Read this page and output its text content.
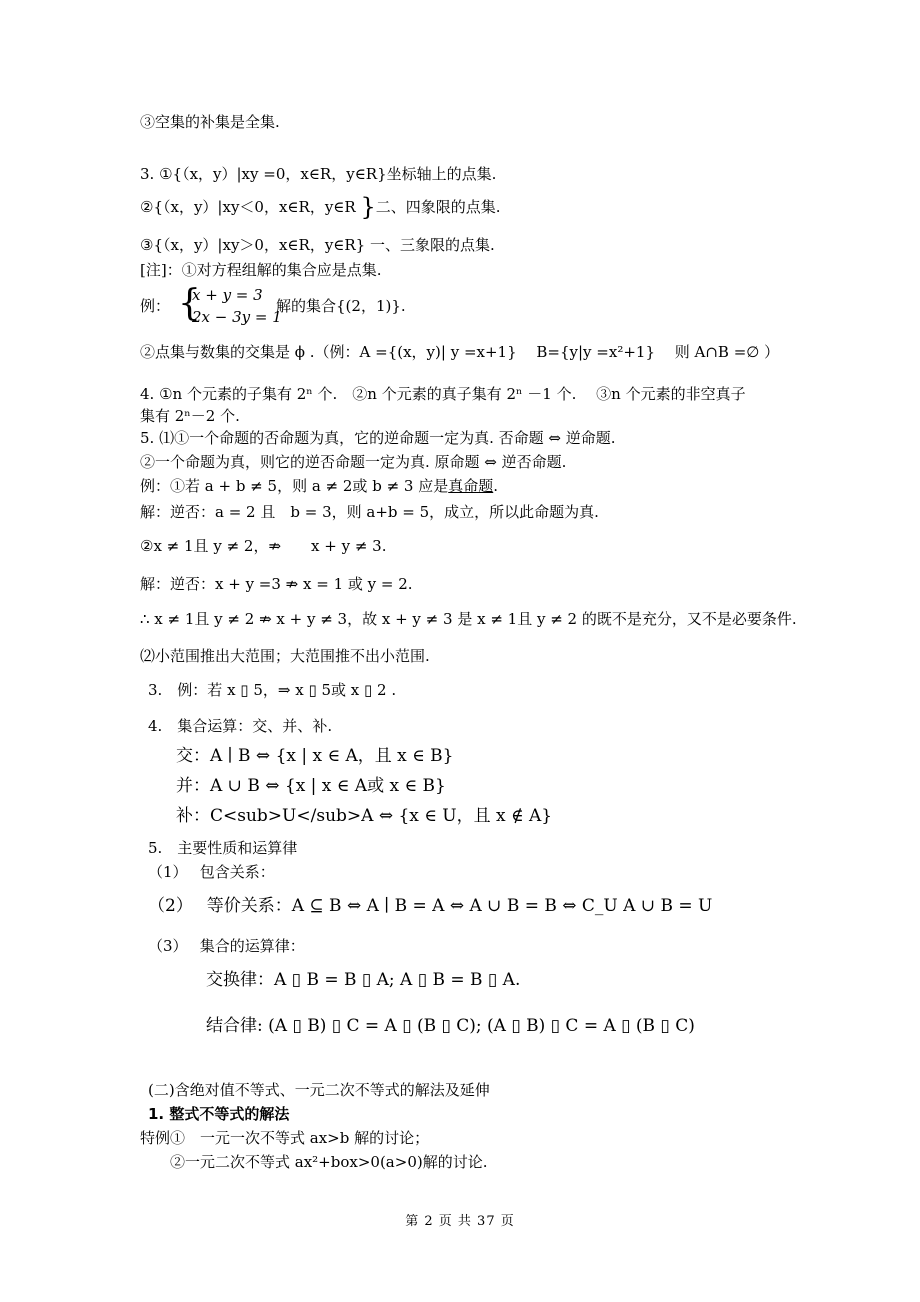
③空集的补集是全集.
3. ①{（x，y）|xy =0，x∈R，y∈R}坐标轴上的点集.
②{（x，y）|xy＜0，x∈R，y∈R }二、四象限的点集.
③{（x，y）|xy＞0，x∈R，y∈R} 一、三象限的点集.
[注]：①对方程组解的集合应是点集.
例： {
x + y = 3
2x − 3y = 1
解的集合{(2，1)}.
②点集与数集的交集是 ϕ .（例：A ={(x，y)| y =x+1}　 B={y|y =x²+1}　 则 A∩B =∅ ）
4. ①n 个元素的子集有 2ⁿ 个.　②n 个元素的真子集有 2ⁿ －1 个.　 ③n 个元素的非空真子
集有 2ⁿ－2 个.
5. ⑴①一个命题的否命题为真，它的逆命题一定为真. 否命题 ⇔ 逆命题.
②一个命题为真，则它的逆否命题一定为真. 原命题 ⇔ 逆否命题.
例：①若 a + b ≠ 5，则 a ≠ 2或 b ≠ 3 应是真命题.
解：逆否：a = 2 且　b = 3，则 a+b = 5，成立，所以此命题为真.
②x ≠ 1且 y ≠ 2，⇏　　x + y ≠ 3.
解：逆否：x + y =3 ⇏ x = 1 或 y = 2.
∴ x ≠ 1且 y ≠ 2 ⇏ x + y ≠ 3，故 x + y ≠ 3 是 x ≠ 1且 y ≠ 2 的既不是充分，又不是必要条件.
⑵小范围推出大范围；大范围推不出小范围.
3.　例：若 x ▯ 5，⇒ x ▯ 5或 x ▯ 2 .
4.　集合运算：交、并、补.
交：A ∣ B ⇔ {x | x ∈ A，且 x ∈ B}
并：A ∪ B ⇔ {x | x ∈ A或 x ∈ B}
补：C<sub>U</sub>A ⇔ {x ∈ U，且 x ∉ A}
5.　主要性质和运算律
（1）　 包含关系：
（2）　 等价关系：A ⊆ B ⇔ A ∣ B = A ⇔ A ∪ B = B ⇔ C_U A ∪ B = U
（3）　 集合的运算律：
交换律：A ▯ B = B ▯ A; A ▯ B = B ▯ A.
结合律: (A ▯ B) ▯ C = A ▯ (B ▯ C); (A ▯ B) ▯ C = A ▯ (B ▯ C)
(二)含绝对值不等式、一元二次不等式的解法及延伸
1. 整式不等式的解法
特例①　一元一次不等式 ax>b 解的讨论；
②一元二次不等式 ax²+box>0(a>0)解的讨论.
第 2 页 共 37 页
